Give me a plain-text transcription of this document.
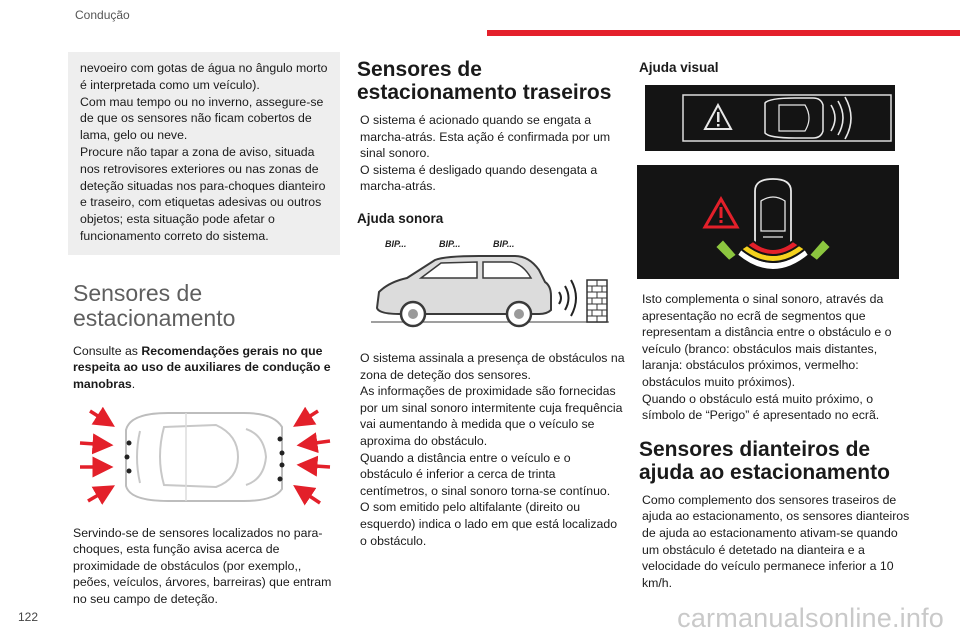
Condução

nevoeiro com gotas de água no ângulo morto é interpretada como um veículo).

Com mau tempo ou no inverno, assegure-se de que os sensores não ficam cobertos de lama, gelo ou neve.

Procure não tapar a zona de aviso, situada nos retrovisores exteriores ou nas zonas de deteção situadas nos para-choques dianteiro e traseiro, com etiquetas adesivas ou outros objetos; esta situação pode afetar o funcionamento correto do sistema.

Sensores de estacionamento

Consulte as Recomendações gerais no que respeita ao uso de auxiliares de condução e manobras.

Servindo-se de sensores localizados no para-choques, esta função avisa acerca de proximidade de obstáculos (por exemplo,, peões, veículos, árvores, barreiras) que entram no seu campo de deteção.

Sensores de estacionamento traseiros

O sistema é acionado quando se engata a marcha-atrás. Esta ação é confirmada por um sinal sonoro.

O sistema é desligado quando desengata a marcha-atrás.

Ajuda sonora
BIP...	BIP...	BIP...

O sistema assinala a presença de obstáculos na zona de deteção dos sensores.

As informações de proximidade são fornecidas por um sinal sonoro intermitente cuja frequência vai aumentando à medida que o veículo se aproxima do obstáculo.

Quando a distância entre o veículo e o obstáculo é inferior a cerca de trinta centímetros, o sinal sonoro torna-se contínuo.

O som emitido pelo altifalante (direito ou esquerdo) indica o lado em que está localizado o obstáculo.

Ajuda visual

Isto complementa o sinal sonoro, através da apresentação no ecrã de segmentos que representam a distância entre o obstáculo e o veículo (branco: obstáculos mais distantes, laranja: obstáculos próximos, vermelho: obstáculos muito próximos).

Quando o obstáculo está muito próximo, o símbolo de “Perigo” é apresentado no ecrã.

Sensores dianteiros de ajuda ao estacionamento

Como complemento dos sensores traseiros de ajuda ao estacionamento, os sensores dianteiros de ajuda ao estacionamento ativam-se quando um obstáculo é detetado na dianteira e a velocidade do veículo permanece inferior a 10 km/h.

122	carmanualsonline.info
